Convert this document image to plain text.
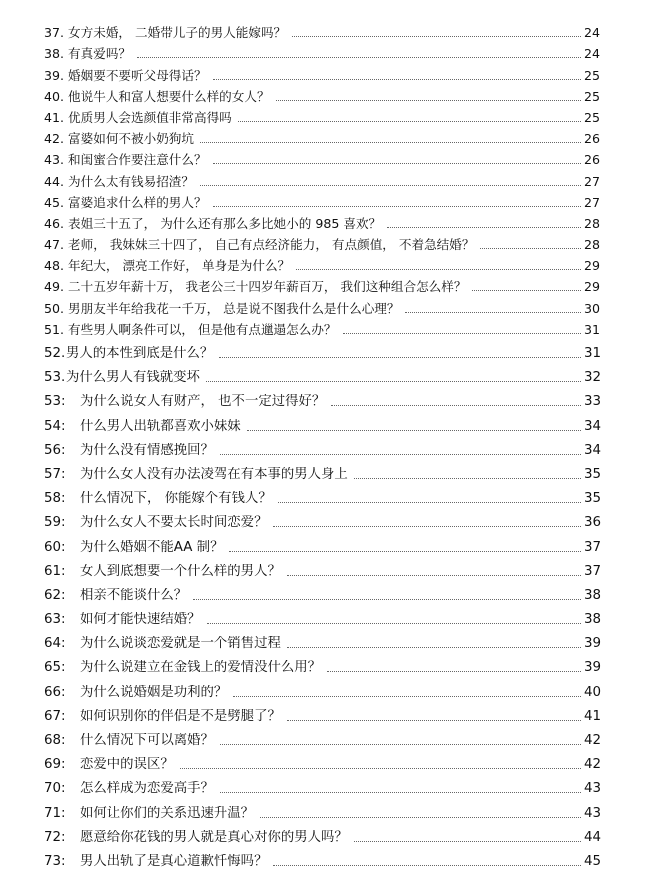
37. 女方未婚， 二婚带儿子的男人能嫁吗？	24
38. 有真爱吗？	24
39. 婚姻要不要听父母得话？	25
40. 他说牛人和富人想要什么样的女人？	25
41. 优质男人会选颜值非常高得吗	25
42. 富婆如何不被小奶狗坑	26
43. 和闺蜜合作要注意什么？	26
44. 为什么太有钱易招渣？	27
45. 富婆追求什么样的男人？	27
46. 表姐三十五了， 为什么还有那么多比她小的 985 喜欢？	28
47. 老师， 我妹妹三十四了， 自己有点经济能力， 有点颜值， 不着急结婚？	28
48. 年纪大， 漂亮工作好， 单身是为什么？	29
49. 二十五岁年薪十万， 我老公三十四岁年薪百万， 我们这种组合怎么样？	29
50. 男朋友半年给我花一千万， 总是说不图我什么是什么心理？	30
51. 有些男人啊条件可以， 但是他有点邋遢怎么办？	31
52. 男人的本性到底是什么？	31
53. 为什么男人有钱就变坏	32
53:	为什么说女人有财产， 也不一定过得好？	33
54:	什么男人出轨都喜欢小妹妹	34
56:	为什么没有情感挽回？	34
57:	为什么女人没有办法凌驾在有本事的男人身上	35
58:	什么情况下， 你能嫁个有钱人？	35
59:	为什么女人不要太长时间恋爱？	36
60:	为什么婚姻不能AA 制？	37
61:	女人到底想要一个什么样的男人？	37
62:	相亲不能谈什么？	38
63:	如何才能快速结婚？	38
64:	为什么说谈恋爱就是一个销售过程	39
65:	为什么说建立在金钱上的爱情没什么用？	39
66:	为什么说婚姻是功利的？	40
67:	如何识别你的伴侣是不是劈腿了？	41
68:	什么情况下可以离婚？	42
69:	恋爱中的误区？	42
70:	怎么样成为恋爱高手？	43
71:	如何让你们的关系迅速升温？	43
72:	愿意给你花钱的男人就是真心对你的男人吗？	44
73:	男人出轨了是真心道歉忏悔吗？	45
